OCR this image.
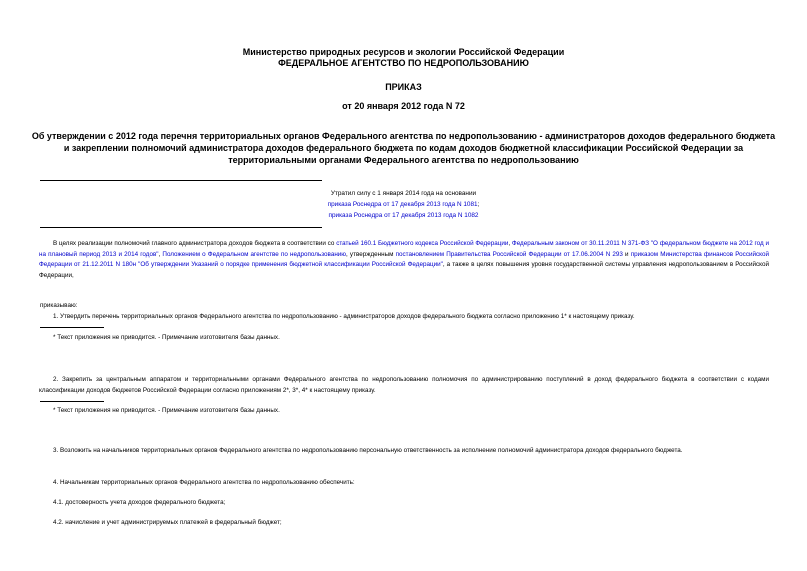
Министерство природных ресурсов и экологии Российской Федерации
ФЕДЕРАЛЬНОЕ АГЕНТСТВО ПО НЕДРОПОЛЬЗОВАНИЮ
ПРИКАЗ
от 20 января 2012 года N 72
Об утверждении с 2012 года перечня территориальных органов Федерального агентства по недропользованию - администраторов доходов федерального бюджета и закреплении полномочий администратора доходов федерального бюджета по кодам доходов бюджетной классификации Российской Федерации за территориальными органами Федерального агентства по недропользованию
Утратил силу с 1 января 2014 года на основании
приказа Роснедра от 17 декабря 2013 года N 1081;
приказа Роснедра от 17 декабря 2013 года N 1082
В целях реализации полномочий главного администратора доходов бюджета в соответствии со статьей 160.1 Бюджетного кодекса Российской Федерации, Федеральным законом от 30.11.2011 N 371-ФЗ "О федеральном бюджете на 2012 год и на плановый период 2013 и 2014 годов", Положением о Федеральном агентстве по недропользованию, утвержденным постановлением Правительства Российской Федерации от 17.06.2004 N 293 и приказом Министерства финансов Российской Федерации от 21.12.2011 N 180н "Об утверждении Указаний о порядке применения бюджетной классификации Российской Федерации", а также в целях повышения уровня государственной системы управления недропользованием в Российской Федерации,
приказываю:
1. Утвердить перечень территориальных органов Федерального агентства по недропользованию - администраторов доходов федерального бюджета согласно приложению 1* к настоящему приказу.
* Текст приложения не приводится. - Примечание изготовителя базы данных.
2. Закрепить за центральным аппаратом и территориальными органами Федерального агентства по недропользованию полномочия по администрированию поступлений в доход федерального бюджета в соответствии с кодами классификации доходов бюджетов Российской Федерации согласно приложениям 2*, 3*, 4* к настоящему приказу.
* Текст приложения не приводится. - Примечание изготовителя базы данных.
3. Возложить на начальников территориальных органов Федерального агентства по недропользованию персональную ответственность за исполнение полномочий администратора доходов федерального бюджета.
4. Начальникам территориальных органов Федерального агентства по недропользованию обеспечить:
4.1. достоверность учета доходов федерального бюджета;
4.2. начисление и учет администрируемых платежей в федеральный бюджет;
